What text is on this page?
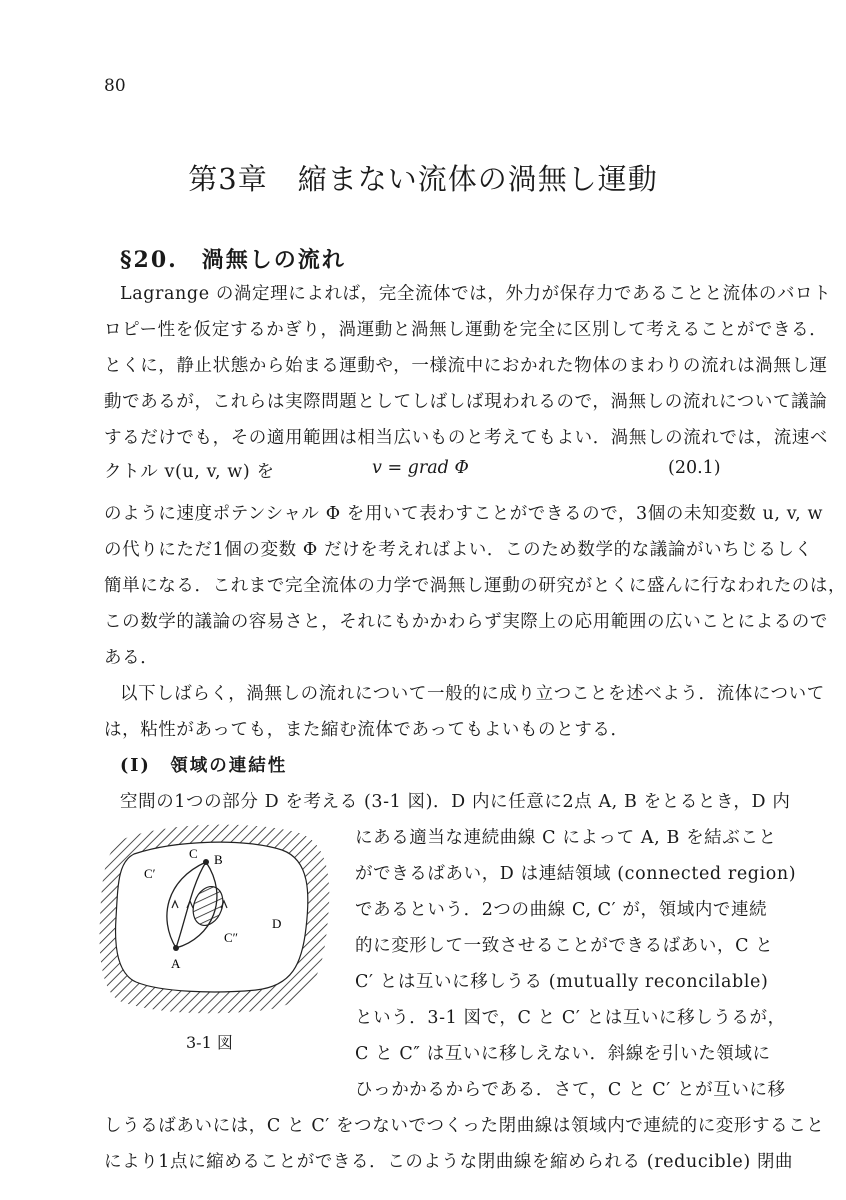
80
第3章　縮まない流体の渦無し運動
§20.　渦無しの流れ
Lagrange の渦定理によれば，完全流体では，外力が保存力であることと流体のバロト
ロピー性を仮定するかぎり，渦運動と渦無し運動を完全に区別して考えることができる．
とくに，静止状態から始まる運動や，一様流中におかれた物体のまわりの流れは渦無し運
動であるが，これらは実際問題としてしばしば現われるので，渦無しの流れについて議論
するだけでも，その適用範囲は相当広いものと考えてもよい．渦無しの流れでは，流速ベ
クトル v(u, v, w) を	v = grad Φ	(20.1)
のように速度ポテンシャル Φ を用いて表わすことができるので，3個の未知変数 u, v, w
の代りにただ1個の変数 Φ だけを考えればよい．このため数学的な議論がいちじるしく
簡単になる．これまで完全流体の力学で渦無し運動の研究がとくに盛んに行なわれたのは，
この数学的議論の容易さと，それにもかかわらず実際上の応用範囲の広いことによるので
ある．
以下しばらく，渦無しの流れについて一般的に成り立つことを述べよう．流体について
は，粘性があっても，また縮む流体であってもよいものとする．
(Ⅰ)　領域の連結性
空間の1つの部分 D を考える (3-1 図)．D 内に任意に2点 A, B をとるとき，D 内
にある適当な連続曲線 C によって A, B を結ぶこと
ができるばあい，D は連結領域 (connected region)
であるという．2つの曲線 C, C′ が，領域内で連続
的に変形して一致させることができるばあい，C と
C′ とは互いに移しうる (mutually reconcilable)
という．3-1 図で，C と C′ とは互いに移しうるが，
C と C″ は互いに移しえない．斜線を引いた領域に
ひっかかるからである．さて，C と C′ とが互いに移
しうるばあいには，C と C′ をつないでつくった閉曲線は領域内で連続的に変形すること
により1点に縮めることができる．このような閉曲線を縮められる (reducible) 閉曲
A
B
C
C′
C″
D
3-1 図
